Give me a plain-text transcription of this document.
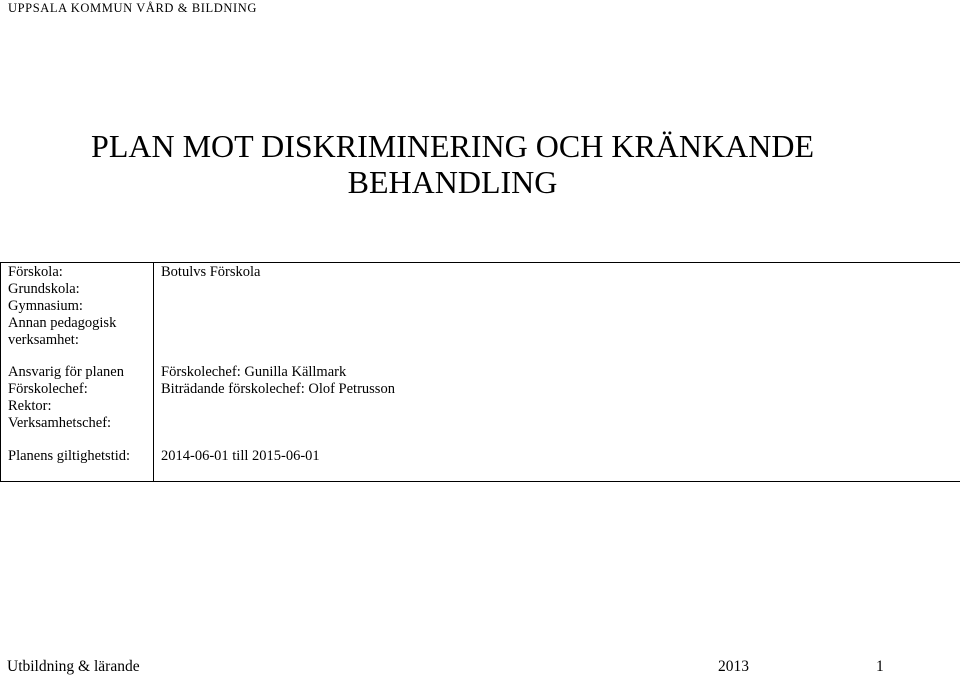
UPPSALA KOMMUN VÅRD & BILDNING
PLAN MOT DISKRIMINERING OCH KRÄNKANDE
BEHANDLING
Förskola:
Grundskola:
Gymnasium:
Annan pedagogisk
verksamhet:
Botulvs Förskola
Ansvarig för planen
Förskolechef:
Rektor:
Verksamhetschef:
Förskolechef: Gunilla Källmark
Biträdande förskolechef: Olof Petrusson
Planens giltighetstid: 2014-06-01 till 2015-06-01
Utbildning & lärande	2013	1
